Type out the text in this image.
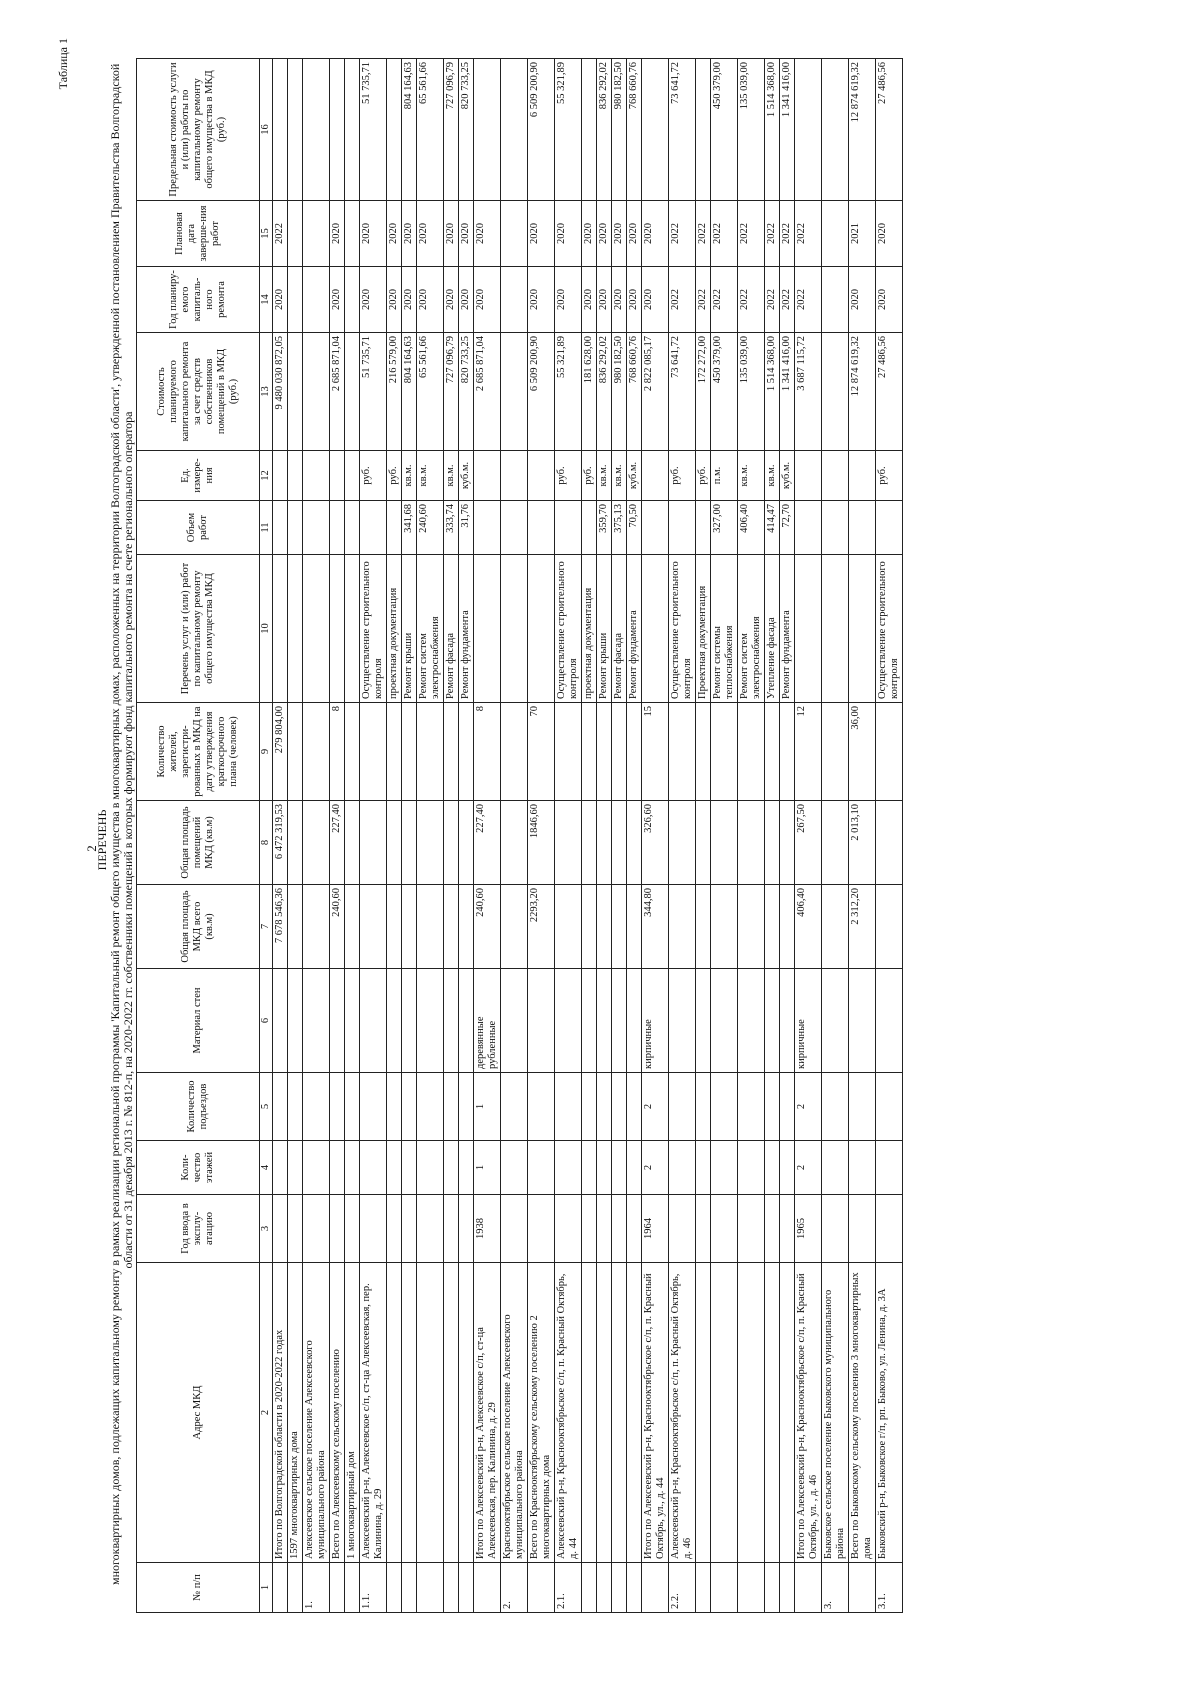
Таблица 1
2
ПЕРЕЧЕНЬ многоквартирных домов, подлежащих капитальному ремонту в рамках реализации региональной программы 'Капитальный ремонт общего имущества в многоквартирных домах, расположенных на территории Волгоградской области', утвержденной постановлением Правительства Волгоградской области от 31 декабря 2013 г. № 812-п, на 2020-2022 гг. собственники помещений в которых формируют фонд капитального ремонта на счете регионального оператора
№ п/п	Адрес МКД	Год ввода в эксплу-атацию	Коли-чество этажей	Количество подъездов	Материал стен	Общая площадь МКД всего (кв.м)	Общая площадь помещений МКД (кв.м)	Количество жителей, зарегистри-рованных в МКД на дату утверждения краткосрочного плана (человек)	Перечень услуг и (или) работ по капитальному ремонту общего имущества МКД	Объем работ	Ед. измере-ния	Стоимость планируемого капитального ремонта за счет средств собственников помещений в МКД (руб.)	Год планиру-емого капиталь-ного ремонта	Плановая дата заверше-ния работ	Предельная стоимость услуги и (или) работы по капитальному ремонту общего имущества в МКД (руб.)
1	2	3	4	5	6	7	8	9	10	11	12	13	14	15	16
	Итого по Волгоградской области в 2020-2022 годах					7 678 546,36	6 472 319,53	279 804,00				9 480 030 872,05	2020	2022	
	1597 многоквартирных дома														
1.	Алексеевское сельское поселение Алексеевского муниципального района														
	Всего по Алексеевскому сельскому поселению					240,60	227,40	8				2 685 871,04	2020	2020	
	1 многоквартирный дом														
1.1.	Алексеевский р-н, Алексеевское с/п, ст-ца Алексеевская, пер. Калинина, д. 29								Осуществление строительного контроля		руб.	51 735,71	2020	2020	51 735,71
									проектная документация		руб.	216 579,00	2020	2020	
									Ремонт крыши	341,68	кв.м.	804 164,63	2020	2020	804 164,63
									Ремонт систем электроснабжения	240,60	кв.м.	65 561,66	2020	2020	65 561,66
									Ремонт фасада	333,74	кв.м.	727 096,79	2020	2020	727 096,79
									Ремонт фундамента	31,76	куб.м.	820 733,25	2020	2020	820 733,25
	Итого по Алексеевский р-н, Алексеевское с/п, ст-ца Алексеевская, пер. Калинина, д. 29	1938	1	1	деревянные рубленные	240,60	227,40	8				2 685 871,04	2020	2020	
2.	Краснооктябрьское сельское поселение Алексеевского муниципального района														
	Всего по Краснооктябрьскому сельскому поселению 2 многоквартирных дома					2293,20	1846,60	70				6 509 200,90	2020	2020	6 509 200,90
2.1.	Алексеевский р-н, Краснооктябрьское с/п, п. Красный Октябрь, д. 44								Осуществление строительного контроля		руб.	55 321,89	2020	2020	55 321,89
									проектная документация		руб.	181 628,00	2020	2020	
									Ремонт крыши	359,70	кв.м.	836 292,02	2020	2020	836 292,02
									Ремонт фасада	375,13	кв.м.	980 182,50	2020	2020	980 182,50
									Ремонт фундамента	70,50	куб.м.	768 660,76	2020	2020	768 660,76
	Итого по Алексеевский р-н, Краснооктябрьское с/п, п. Красный Октябрь, ул., д. 44	1964	2	2	кирпичные	344,80	326,60	15				2 822 085,17	2020	2020	
2.2.	Алексеевский р-н, Краснооктябрьское с/п, п. Красный Октябрь, д. 46								Осуществление строительного контроля		руб.	73 641,72	2022	2022	73 641,72
									Проектная документация		руб.	172 272,00	2022	2022	
									Ремонт системы теплоснабжения	327,00	п.м.	450 379,00	2022	2022	450 379,00
									Ремонт систем электроснабжения	406,40	кв.м.	135 039,00	2022	2022	135 039,00
									Утепление фасада	414,47	кв.м.	1 514 368,00	2022	2022	1 514 368,00
									Ремонт фундамента	72,70	куб.м.	1 341 416,00	2022	2022	1 341 416,00
	Итого по Алексеевский р-н, Краснооктябрьское с/п, п. Красный Октябрь, ул. , д. 46	1965	2	2	кирпичные	406,40	267,50	12				3 687 115,72	2022	2022	
3.	Быковское сельское поселение Быковского муниципального района														
	Всего по Быковскому сельскому поселению 3 многоквартирных дома					2 312,20	2 013,10	36,00				12 874 619,32	2020	2021	12 874 619,32
3.1.	Быковский р-н, Быковское г/п, рп. Быково, ул. Ленина, д. 3А								Осуществление строительного контроля		руб.	27 486,56	2020	2020	27 486,56
